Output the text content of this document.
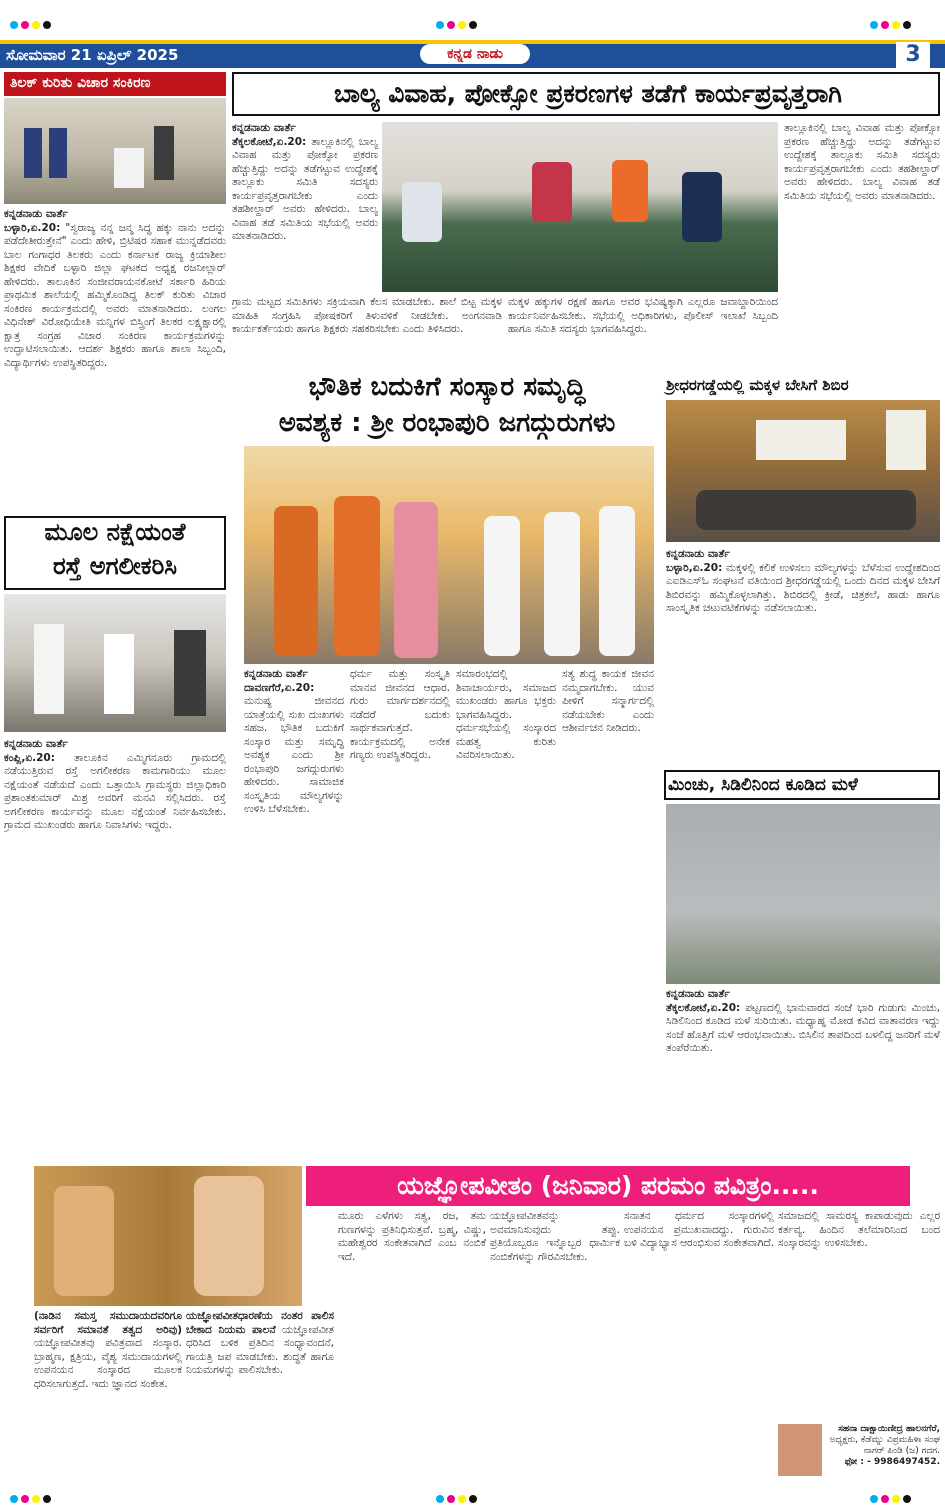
ಸೋಮವಾರ 21 ಏಪ್ರಿಲ್ 2025	ಕನ್ನಡ ನಾಡು	3
ತಿಲಕ್ ಕುರಿತು ವಿಚಾರ ಸಂಕಿರಣ
ಕನ್ನಡನಾಡು ವಾರ್ತೆ
ಬಳ್ಳಾರಿ,ಏ.20: "ಸ್ವರಾಜ್ಯ ನನ್ನ ಜನ್ಮ ಸಿದ್ಧ ಹಕ್ಕು ನಾನು ಅದನ್ನು ಪಡೆದೇತೀರುತ್ತೇನೆ" ಎಂದು ಹೇಳಿ, ಬ್ರಿಟಿಷರ ಸಹಾಕ ಮುನ್ನಡೆದವರು ಬಾಲ ಗಂಗಾಧರ ತಿಲಕರು ಎಂದು ಕರ್ನಾಟಕ ರಾಜ್ಯ ಕ್ರಿಯಾಶೀಲ ಶಿಕ್ಷಕರ ವೇದಿಕೆ ಬಳ್ಳಾರಿ ಜಿಲ್ಲಾ ಘಟಕದ ಅಧ್ಯಕ್ಷ ರಜನೀಲ್ಲಾರ್ ಹೇಳಿದರು. ತಾಲೂಕಿನ ಸಂಜೀವರಾಯನಕೋಟೆ ಸರ್ಕಾರಿ ಹಿರಿಯ ಪ್ರಾಥಮಿಕ ಶಾಲೆಯಲ್ಲಿ ಹಮ್ಮಿಕೊಂಡಿದ್ದ ತಿಲಕ್ ಕುರಿತು ವಿಚಾರ ಸಂಕಿರಣ ಕಾರ್ಯಕ್ರಮದಲ್ಲಿ ಅವರು ಮಾತನಾಡಿದರು. ಲಂಗಲ ವಿಧಿನೇಶ್ ವಿರೋಧಿಯೇತಿ ಮನ್ನಿಗಳ ಬಿಸ್ತ್ರಿಂಗೆ ತಿಲಕರ ಲಕ್ಷ್ಯಕ್ಷಾರಲ್ಲಿ ಕ್ಷಾತ್ರ ಸಂಗ್ರಹ ವಿಚಾರ ಸಂಕಿರಣ ಕಾರ್ಯಕ್ರಮಗಳನ್ನು ಉದ್ಘಾಟಿಸಲಾಯಿತು. ಆದರ್ಶ ಶಿಕ್ಷಕರು ಹಾಗೂ ಶಾಲಾ ಸಿಬ್ಬಂದಿ, ವಿದ್ಯಾರ್ಥಿಗಳು ಉಪಸ್ಥಿತರಿದ್ದರು.
ಬಾಲ್ಯ ವಿವಾಹ, ಪೋಕ್ಸೋ ಪ್ರಕರಣಗಳ ತಡೆಗೆ ಕಾರ್ಯಪ್ರವೃತ್ತರಾಗಿ
ಕನ್ನಡನಾಡು ವಾರ್ತೆ
ತೆಕ್ಕಲಕೋಟೆ,ಏ.20: ತಾಲ್ಲೂಕಿನಲ್ಲಿ ಬಾಲ್ಯ ವಿವಾಹ ಮತ್ತು ಪೋಕ್ಸೋ ಪ್ರಕರಣ ಹೆಚ್ಚುತ್ತಿದ್ದು ಅದನ್ನು ತಡೆಗಟ್ಟುವ ಉದ್ದೇಶಕ್ಕೆ ತಾಲ್ಲೂಕು ಸಮಿತಿ ಸದಸ್ಯರು ಕಾರ್ಯಪ್ರವೃತ್ತರಾಗಬೇಕು ಎಂದು ತಹಶೀಲ್ದಾರ್ ಅವರು ಹೇಳಿದರು. ಬಾಲ್ಯ ವಿವಾಹ ತಡೆ ಸಮಿತಿಯ ಸಭೆಯಲ್ಲಿ ಅವರು ಮಾತನಾಡಿದರು.
ಗ್ರಾಮ ಮಟ್ಟದ ಸಮಿತಿಗಳು ಸಕ್ರಿಯವಾಗಿ ಕೆಲಸ ಮಾಡಬೇಕು. ಶಾಲೆ ಬಿಟ್ಟ ಮಕ್ಕಳ ಮಾಹಿತಿ ಸಂಗ್ರಹಿಸಿ ಪೋಷಕರಿಗೆ ತಿಳುವಳಿಕೆ ನೀಡಬೇಕು. ಅಂಗನವಾಡಿ ಕಾರ್ಯಕರ್ತೆಯರು ಹಾಗೂ ಶಿಕ್ಷಕರು ಸಹಕರಿಸಬೇಕು ಎಂದು ತಿಳಿಸಿದರು.
ಮಕ್ಕಳ ಹಕ್ಕುಗಳ ರಕ್ಷಣೆ ಹಾಗೂ ಅವರ ಭವಿಷ್ಯಕ್ಕಾಗಿ ಎಲ್ಲರೂ ಜವಾಬ್ದಾರಿಯಿಂದ ಕಾರ್ಯನಿರ್ವಹಿಸಬೇಕು. ಸಭೆಯಲ್ಲಿ ಅಧಿಕಾರಿಗಳು, ಪೊಲೀಸ್ ಇಲಾಖೆ ಸಿಬ್ಬಂದಿ ಹಾಗೂ ಸಮಿತಿ ಸದಸ್ಯರು ಭಾಗವಹಿಸಿದ್ದರು.
ತಾಲ್ಲೂಕಿನಲ್ಲಿ ಬಾಲ್ಯ ವಿವಾಹ ಮತ್ತು ಪೋಕ್ಸೋ ಪ್ರಕರಣ ಹೆಚ್ಚುತ್ತಿದ್ದು ಅದನ್ನು ತಡೆಗಟ್ಟುವ ಉದ್ದೇಶಕ್ಕೆ ತಾಲ್ಲೂಕು ಸಮಿತಿ ಸದಸ್ಯರು ಕಾರ್ಯಪ್ರವೃತ್ತರಾಗಬೇಕು ಎಂದು ತಹಶೀಲ್ದಾರ್ ಅವರು ಹೇಳಿದರು. ಬಾಲ್ಯ ವಿವಾಹ ತಡೆ ಸಮಿತಿಯ ಸಭೆಯಲ್ಲಿ ಅವರು ಮಾತನಾಡಿದರು.
ಮೂಲ ನಕ್ಷೆಯಂತೆ
ರಸ್ತೆ ಅಗಲೀಕರಿಸಿ
ಕನ್ನಡನಾಡು ವಾರ್ತೆ
ಕಂಪ್ಲಿ,ಏ.20: ತಾಲೂಕಿನ ಎಮ್ಮಿಗನೂರು ಗ್ರಾಮದಲ್ಲಿ ನಡೆಯುತ್ತಿರುವ ರಸ್ತೆ ಅಗಲೀಕರಣ ಕಾಮಗಾರಿಯು ಮೂಲ ನಕ್ಷೆಯಂತೆ ನಡೆಯದೆ ಎಂದು ಒತ್ತಾಯಿಸಿ ಗ್ರಾಮಸ್ಥರು ಜಿಲ್ಲಾಧಿಕಾರಿ ಪ್ರಶಾಂತಕುಮಾರ್ ಮಿಶ್ರ ಅವರಿಗೆ ಮನವಿ ಸಲ್ಲಿಸಿದರು. ರಸ್ತೆ ಅಗಲೀಕರಣ ಕಾರ್ಯವನ್ನು ಮೂಲ ನಕ್ಷೆಯಂತೆ ನಿರ್ವಹಿಸಬೇಕು. ಗ್ರಾಮದ ಮುಖಂಡರು ಹಾಗೂ ನಿವಾಸಿಗಳು ಇದ್ದರು.
ಭೌತಿಕ ಬದುಕಿಗೆ ಸಂಸ್ಕಾರ ಸಮೃದ್ಧಿ
ಅವಶ್ಯಕ : ಶ್ರೀ ರಂಭಾಪುರಿ ಜಗದ್ಗುರುಗಳು
ಕನ್ನಡನಾಡು ವಾರ್ತೆ
ದಾವಣಗೆರೆ,ಏ.20: ಮನುಷ್ಯ ಜೀವನದ ಯಾತ್ರೆಯಲ್ಲಿ ಸುಖ ದುಃಖಗಳು ಸಹಜ. ಭೌತಿಕ ಬದುಕಿಗೆ ಸಂಸ್ಕಾರ ಮತ್ತು ಸಮೃದ್ಧಿ ಅವಶ್ಯಕ ಎಂದು ಶ್ರೀ ರಂಭಾಪುರಿ ಜಗದ್ಗುರುಗಳು ಹೇಳಿದರು. ಸಾಮಾಜಿಕ ಸಂಸ್ಕೃತಿಯ ಮೌಲ್ಯಗಳನ್ನು ಉಳಿಸಿ ಬೆಳೆಸಬೇಕು.
ಧರ್ಮ ಮತ್ತು ಸಂಸ್ಕೃತಿ ಮಾನವ ಜೀವನದ ಆಧಾರ. ಗುರು ಮಾರ್ಗದರ್ಶನದಲ್ಲಿ ನಡೆದರೆ ಬದುಕು ಸಾರ್ಥಕವಾಗುತ್ತದೆ. ಕಾರ್ಯಕ್ರಮದಲ್ಲಿ ಅನೇಕ ಗಣ್ಯರು ಉಪಸ್ಥಿತರಿದ್ದರು.
ಸಮಾರಂಭದಲ್ಲಿ ಶಿವಾಚಾರ್ಯರು, ಸಮಾಜದ ಮುಖಂಡರು ಹಾಗೂ ಭಕ್ತರು ಭಾಗವಹಿಸಿದ್ದರು. ಧರ್ಮಸಭೆಯಲ್ಲಿ ಸಂಸ್ಕಾರದ ಮಹತ್ವ ಕುರಿತು ವಿವರಿಸಲಾಯಿತು.
ಸತ್ಯ ಶುದ್ಧ ಕಾಯಕ ಜೀವನ ನಮ್ಮದಾಗಬೇಕು. ಯುವ ಪೀಳಿಗೆ ಸನ್ಮಾರ್ಗದಲ್ಲಿ ನಡೆಯಬೇಕು ಎಂದು ಆಶೀರ್ವಚನ ನೀಡಿದರು.
ಶ್ರೀಧರಗಡ್ಡೆಯಲ್ಲಿ ಮಕ್ಕಳ ಬೇಸಿಗೆ ಶಿಬಿರ
ಕನ್ನಡನಾಡು ವಾರ್ತೆ
ಬಳ್ಳಾರಿ,ಏ.20: ಮಕ್ಕಳಲ್ಲಿ ಕಲಿಕೆ ಉಳಿಸಲು ಮೌಲ್ಯಗಳನ್ನು ಬೆಳೆಸುವ ಉದ್ದೇಶದಿಂದ ಎಐಡಿಎಸ್‌ಓ ಸಂಘಟನೆ ವತಿಯಿಂದ ಶ್ರೀಧರಗಡ್ಡೆಯಲ್ಲಿ ಒಂದು ದಿನದ ಮಕ್ಕಳ ಬೇಸಿಗೆ ಶಿಬಿರವನ್ನು ಹಮ್ಮಿಕೊಳ್ಳಲಾಗಿತ್ತು. ಶಿಬಿರದಲ್ಲಿ ಕ್ರೀಡೆ, ಚಿತ್ರಕಲೆ, ಹಾಡು ಹಾಗೂ ಸಾಂಸ್ಕೃತಿಕ ಚಟುವಟಿಕೆಗಳನ್ನು ನಡೆಸಲಾಯಿತು.
ಮಿಂಚು, ಸಿಡಿಲಿನಿಂದ ಕೂಡಿದ ಮಳೆ
ಕನ್ನಡನಾಡು ವಾರ್ತೆ
ತೆಕ್ಕಲಕೋಟೆ,ಏ.20: ಪಟ್ಟಣದಲ್ಲಿ ಭಾನುವಾರದ ಸಂಜೆ ಭಾರಿ ಗುಡುಗು ಮಿಂಚು, ಸಿಡಿಲಿನಿಂದ ಕೂಡಿದ ಮಳೆ ಸುರಿಯಿತು. ಮಧ್ಯಾಹ್ನ ಮೋಡ ಕವಿದ ವಾತಾವರಣ ಇದ್ದು ಸಂಜೆ ಹೊತ್ತಿಗೆ ಮಳೆ ಆರಂಭವಾಯಿತು. ಬಿಸಿಲಿನ ತಾಪದಿಂದ ಬಳಲಿದ್ದ ಜನರಿಗೆ ಮಳೆ ತಂಪೆರೆಯಿತು.
ಯಜ್ಞೋಪವೀತಂ (ಜನಿವಾರ) ಪರಮಂ ಪವಿತ್ರಂ.....
(ನಾಡಿನ ಸಮಸ್ತ ಸಮುದಾಯದವರಿಗೂ ಸರ್ವರಿಗೆ ಸಮಾನತೆ ತತ್ವದ ಅರಿವು) ಯಜ್ಞೋಪವೀತವು ಪವಿತ್ರವಾದ ಸಂಸ್ಕಾರ. ಬ್ರಾಹ್ಮಣ, ಕ್ಷತ್ರಿಯ, ವೈಶ್ಯ ಸಮುದಾಯಗಳಲ್ಲಿ ಉಪನಯನ ಸಂಸ್ಕಾರದ ಮೂಲಕ ಧರಿಸಲಾಗುತ್ತದೆ. ಇದು ಜ್ಞಾನದ ಸಂಕೇತ.
ಯಜ್ಞೋಪವೀತಧಾರಣೆಯ ನಂತರ ಪಾಲಿಸ ಬೇಕಾದ ನಿಯಮ ಪಾಲನೆ ಯಜ್ಞೋಪವೀತ ಧರಿಸಿದ ಬಳಿಕ ಪ್ರತಿದಿನ ಸಂಧ್ಯಾವಂದನೆ, ಗಾಯತ್ರಿ ಜಪ ಮಾಡಬೇಕು. ಶುದ್ಧತೆ ಹಾಗೂ ನಿಯಮಗಳನ್ನು ಪಾಲಿಸಬೇಕು.
ಮೂರು ಎಳೆಗಳು ಸತ್ವ, ರಜ, ತಮ ಗುಣಗಳನ್ನು ಪ್ರತಿನಿಧಿಸುತ್ತವೆ. ಬ್ರಹ್ಮ, ವಿಷ್ಣು, ಮಹೇಶ್ವರರ ಸಂಕೇತವಾಗಿದೆ ಎಂಬ ನಂಬಿಕೆ ಇದೆ.
ಯಜ್ಞೋಪವೀತವನ್ನು ಅವಮಾನಿಸುವುದು ತಪ್ಪು. ಪ್ರತಿಯೊಬ್ಬರೂ ಇನ್ನೊಬ್ಬರ ಧಾರ್ಮಿಕ ನಂಬಿಕೆಗಳನ್ನು ಗೌರವಿಸಬೇಕು.
ಸನಾತನ ಧರ್ಮದ ಸಂಸ್ಕಾರಗಳಲ್ಲಿ ಉಪನಯನ ಪ್ರಮುಖವಾದದ್ದು. ಗುರುವಿನ ಬಳಿ ವಿದ್ಯಾಭ್ಯಾಸ ಆರಂಭಿಸುವ ಸಂಕೇತವಾಗಿದೆ.
ಸಮಾಜದಲ್ಲಿ ಸಾಮರಸ್ಯ ಕಾಪಾಡುವುದು ಎಲ್ಲರ ಕರ್ತವ್ಯ. ಹಿಂದಿನ ತಲೆಮಾರಿನಿಂದ ಬಂದ ಸಂಸ್ಕಾರವನ್ನು ಉಳಿಸಬೇಕು.
ಸಹನಾ ದಾಕ್ಷಾಯಿಣೀದ್ರ ಹಾಲನಗೆರೆ,
ಅಧ್ಯಕ್ಷರು, ಕೆಡೆಮ್ನು ವಿಪ್ರಮಹಿಳಾ ಸಂಘ
ನಾಗರ್‌ ಪಿಂಡಿ (ಜ) ಗದಗ.
ಫೋ : - 9986497452.
